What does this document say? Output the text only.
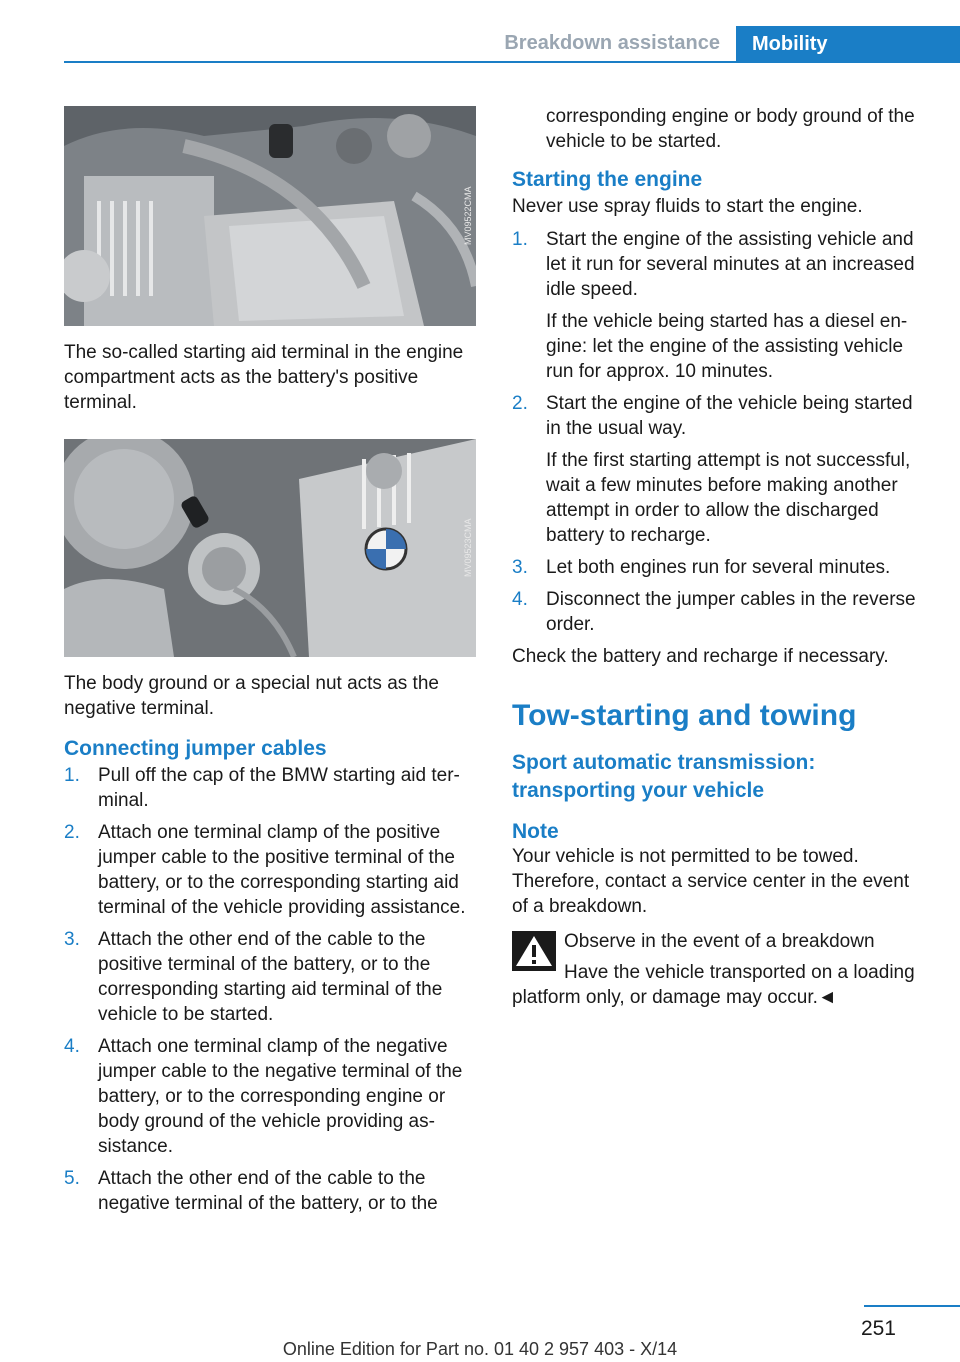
Breakdown assistance	Mobility
MV09522CMA

The so-called starting aid terminal in the engine compartment acts as the battery's positive terminal.

MV09523CMA

The body ground or a special nut acts as the negative terminal.

Connecting jumper cables
1. Pull off the cap of the BMW starting aid terminal.
2. Attach one terminal clamp of the positive jumper cable to the positive terminal of the battery, or to the corresponding starting aid terminal of the vehicle providing assistance.
3. Attach the other end of the cable to the positive terminal of the battery, or to the corresponding starting aid terminal of the vehicle to be started.
4. Attach one terminal clamp of the negative jumper cable to the negative terminal of the battery, or to the corresponding engine or body ground of the vehicle providing assistance.
5. Attach the other end of the cable to the negative terminal of the battery, or to the

corresponding engine or body ground of the vehicle to be started.

Starting the engine

Never use spray fluids to start the engine.

1. Start the engine of the assisting vehicle and let it run for several minutes at an increased idle speed.
If the vehicle being started has a diesel engine: let the engine of the assisting vehicle run for approx. 10 minutes.
2. Start the engine of the vehicle being started in the usual way.
If the first starting attempt is not successful, wait a few minutes before making another attempt in order to allow the discharged battery to recharge.
3. Let both engines run for several minutes.
4. Disconnect the jumper cables in the reverse order.

Check the battery and recharge if necessary.

Tow-starting and towing
Sport automatic transmission: transporting your vehicle
Note

Your vehicle is not permitted to be towed. Therefore, contact a service center in the event of a breakdown.

Observe in the event of a breakdown

Have the vehicle transported on a loading platform only, or damage may occur.◄

251
Online Edition for Part no. 01 40 2 957 403 - X/14
